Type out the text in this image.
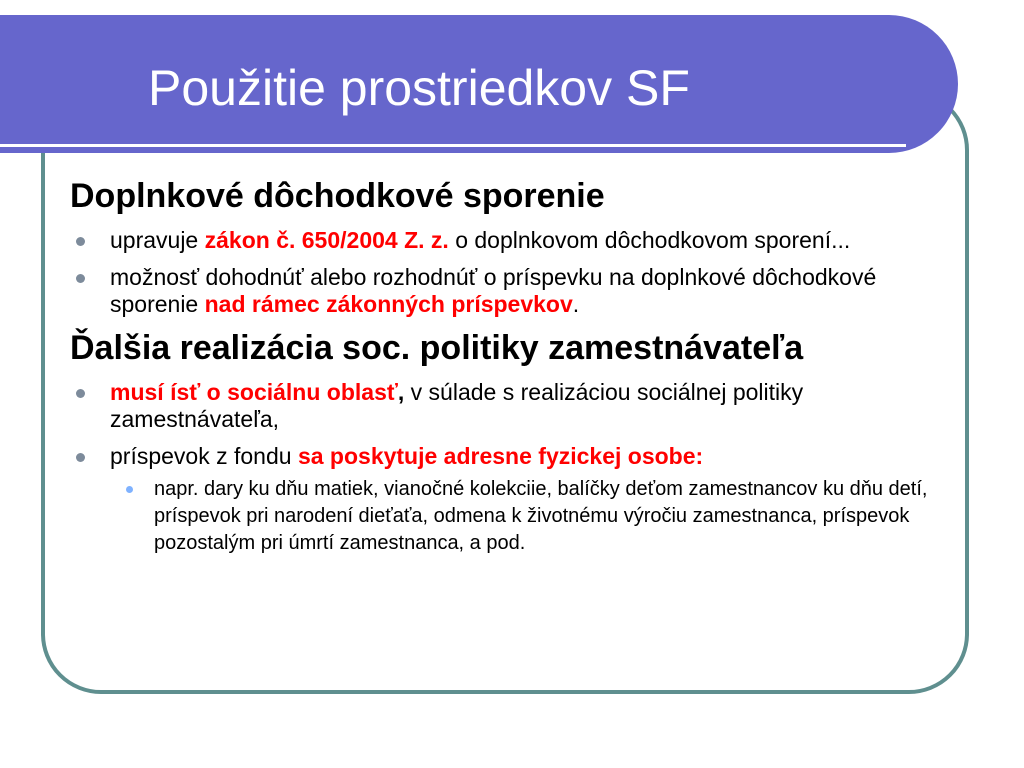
Použitie prostriedkov SF
Doplnkové dôchodkové sporenie
upravuje zákon č. 650/2004 Z. z. o doplnkovom dôchodkovom sporení...
možnosť dohodnúť alebo rozhodnúť o príspevku na doplnkové dôchodkové sporenie nad rámec zákonných príspevkov.
Ďalšia realizácia soc. politiky zamestnávateľa
musí ísť o sociálnu oblasť, v súlade s realizáciou sociálnej politiky zamestnávateľa,
príspevok z fondu sa poskytuje adresne fyzickej osobe:
napr. dary ku dňu matiek, vianočné kolekciie, balíčky deťom zamestnancov ku dňu detí, príspevok pri narodení dieťaťa, odmena k životnému výročiu zamestnanca, príspevok pozostalým pri úmrtí zamestnanca, a pod.
